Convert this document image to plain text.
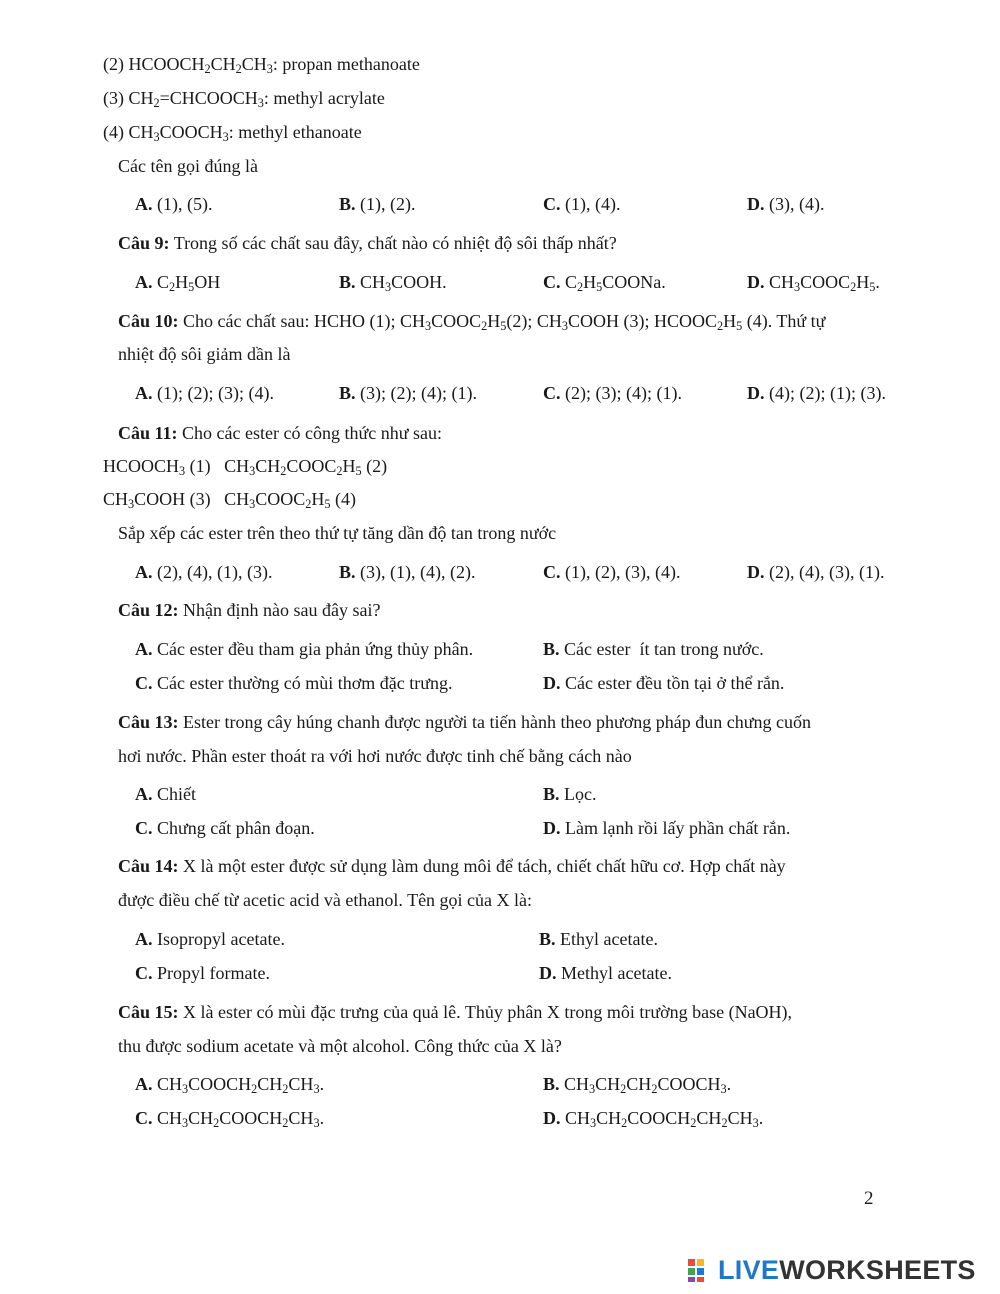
(2) $HCOOCH_2CH_2CH_3$: propan methanoate
(3) $CH_2=CHCOOCH_3$: methyl acrylate
(4) $CH_3COOCH_3$: methyl ethanoate
Các tên gọi đúng là
A. (1), (5).	B. (1), (2).	C. (1), (4).	D. (3), (4).
Câu 9: Trong số các chất sau đây, chất nào có nhiệt độ sôi thấp nhất?
A. $C_2H_5OH$	B. $CH_3COOH$.	C. $C_2H_5COONa$.	D. $CH_3COOC_2H_5$.
Câu 10: Cho các chất sau: HCHO (1); $CH_3COOC_2H_5(2)$; $CH_3COOH$ (3); $HCOOC_2H_5$ (4). Thứ tự
nhiệt độ sôi giảm dần là
A. (1); (2); (3); (4).	B. (3); (2); (4); (1).	C. (2); (3); (4); (1).	D. (4); (2); (1); (3).
Câu 11: Cho các ester có công thức như sau:
$HCOOCH_3$ (1)   $CH_3CH_2COOC_2H_5$ (2)
$CH_3COOH$ (3)   $CH_3COOC_2H_5$ (4)
Sắp xếp các ester trên theo thứ tự tăng dần độ tan trong nước
A. (2), (4), (1), (3).	B. (3), (1), (4), (2).	C. (1), (2), (3), (4).	D. (2), (4), (3), (1).
Câu 12: Nhận định nào sau đây sai?
A. Các ester đều tham gia phản ứng thủy phân.	B. Các ester  ít tan trong nước.
C. Các ester thường có mùi thơm đặc trưng.	D. Các ester đều tồn tại ở thể rắn.
Câu 13: Ester trong cây húng chanh được người ta tiến hành theo phương pháp đun chưng cuốn
hơi nước. Phần ester thoát ra với hơi nước được tinh chế bằng cách nào
A. Chiết	B. Lọc.
C. Chưng cất phân đoạn.	D. Làm lạnh rồi lấy phần chất rắn.
Câu 14: X là một ester được sử dụng làm dung môi để tách, chiết chất hữu cơ. Hợp chất này
được điều chế từ acetic acid và ethanol. Tên gọi của X là:
A. Isopropyl acetate.	B. Ethyl acetate.
C. Propyl formate.	D. Methyl acetate.
Câu 15: X là ester có mùi đặc trưng của quả lê. Thủy phân X trong môi trường base (NaOH),
thu được sodium acetate và một alcohol. Công thức của X là?
A. $CH_3COOCH_2CH_2CH_3$.	B. $CH_3CH_2CH_2COOCH_3$.
C. $CH_3CH_2COOCH_2CH_3$.	D. $CH_3CH_2COOCH_2CH_2CH_3$.
2
LIVEWORKSHEETS
